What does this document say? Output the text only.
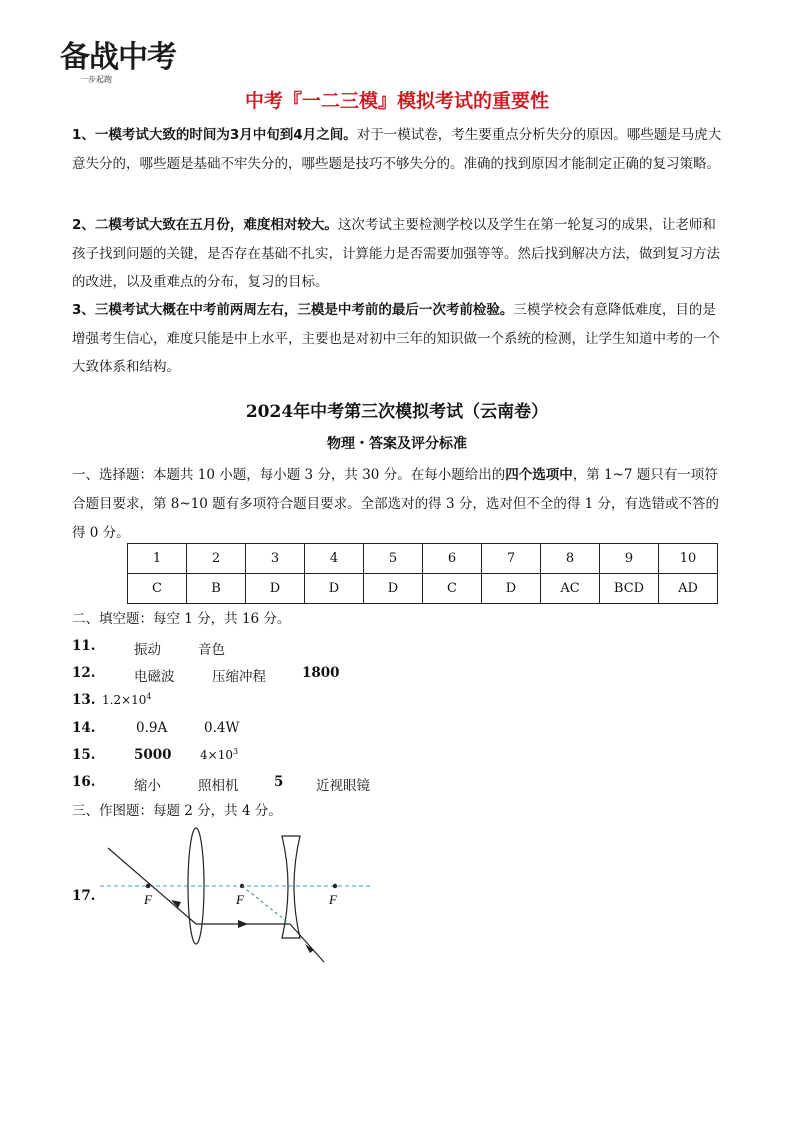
备战中考
一步起跑
中考『一二三模』模拟考试的重要性
1、一模考试大致的时间为3月中旬到4月之间。对于一模试卷，考生要重点分析失分的原因。哪些题是马虎大意失分的，哪些题是基础不牢失分的，哪些题是技巧不够失分的。准确的找到原因才能制定正确的复习策略。
2、二模考试大致在五月份，难度相对较大。这次考试主要检测学校以及学生在第一轮复习的成果，让老师和孩子找到问题的关键，是否存在基础不扎实，计算能力是否需要加强等等。然后找到解决方法，做到复习方法的改进，以及重难点的分布，复习的目标。
3、三模考试大概在中考前两周左右，三模是中考前的最后一次考前检验。三模学校会有意降低难度，目的是增强考生信心，难度只能是中上水平，主要也是对初中三年的知识做一个系统的检测，让学生知道中考的一个大致体系和结构。
2024年中考第三次模拟考试（云南卷）
物理・答案及评分标准
一、选择题：本题共 10 小题，每小题 3 分，共 30 分。在每小题给出的四个选项中，第 1~7 题只有一项符合题目要求，第 8~10 题有多项符合题目要求。全部选对的得 3 分，选对但不全的得 1 分，有选错或不答的得 0 分。
1	2	3	4	5	6	7	8	9	10
C	B	D	D	D	C	D	AC	BCD	AD
二、填空题：每空 1 分，共 16 分。
11.	振动	音色
12.	电磁波	压缩冲程	1800
13. $1.2\times 10^4$
14.	0.9A	0.4W
15.	5000 $4\times 10^3$
16.	缩小	照相机	5 近视眼镜
三、作图题：每题 2 分，共 4 分。
17.	F	F	F
